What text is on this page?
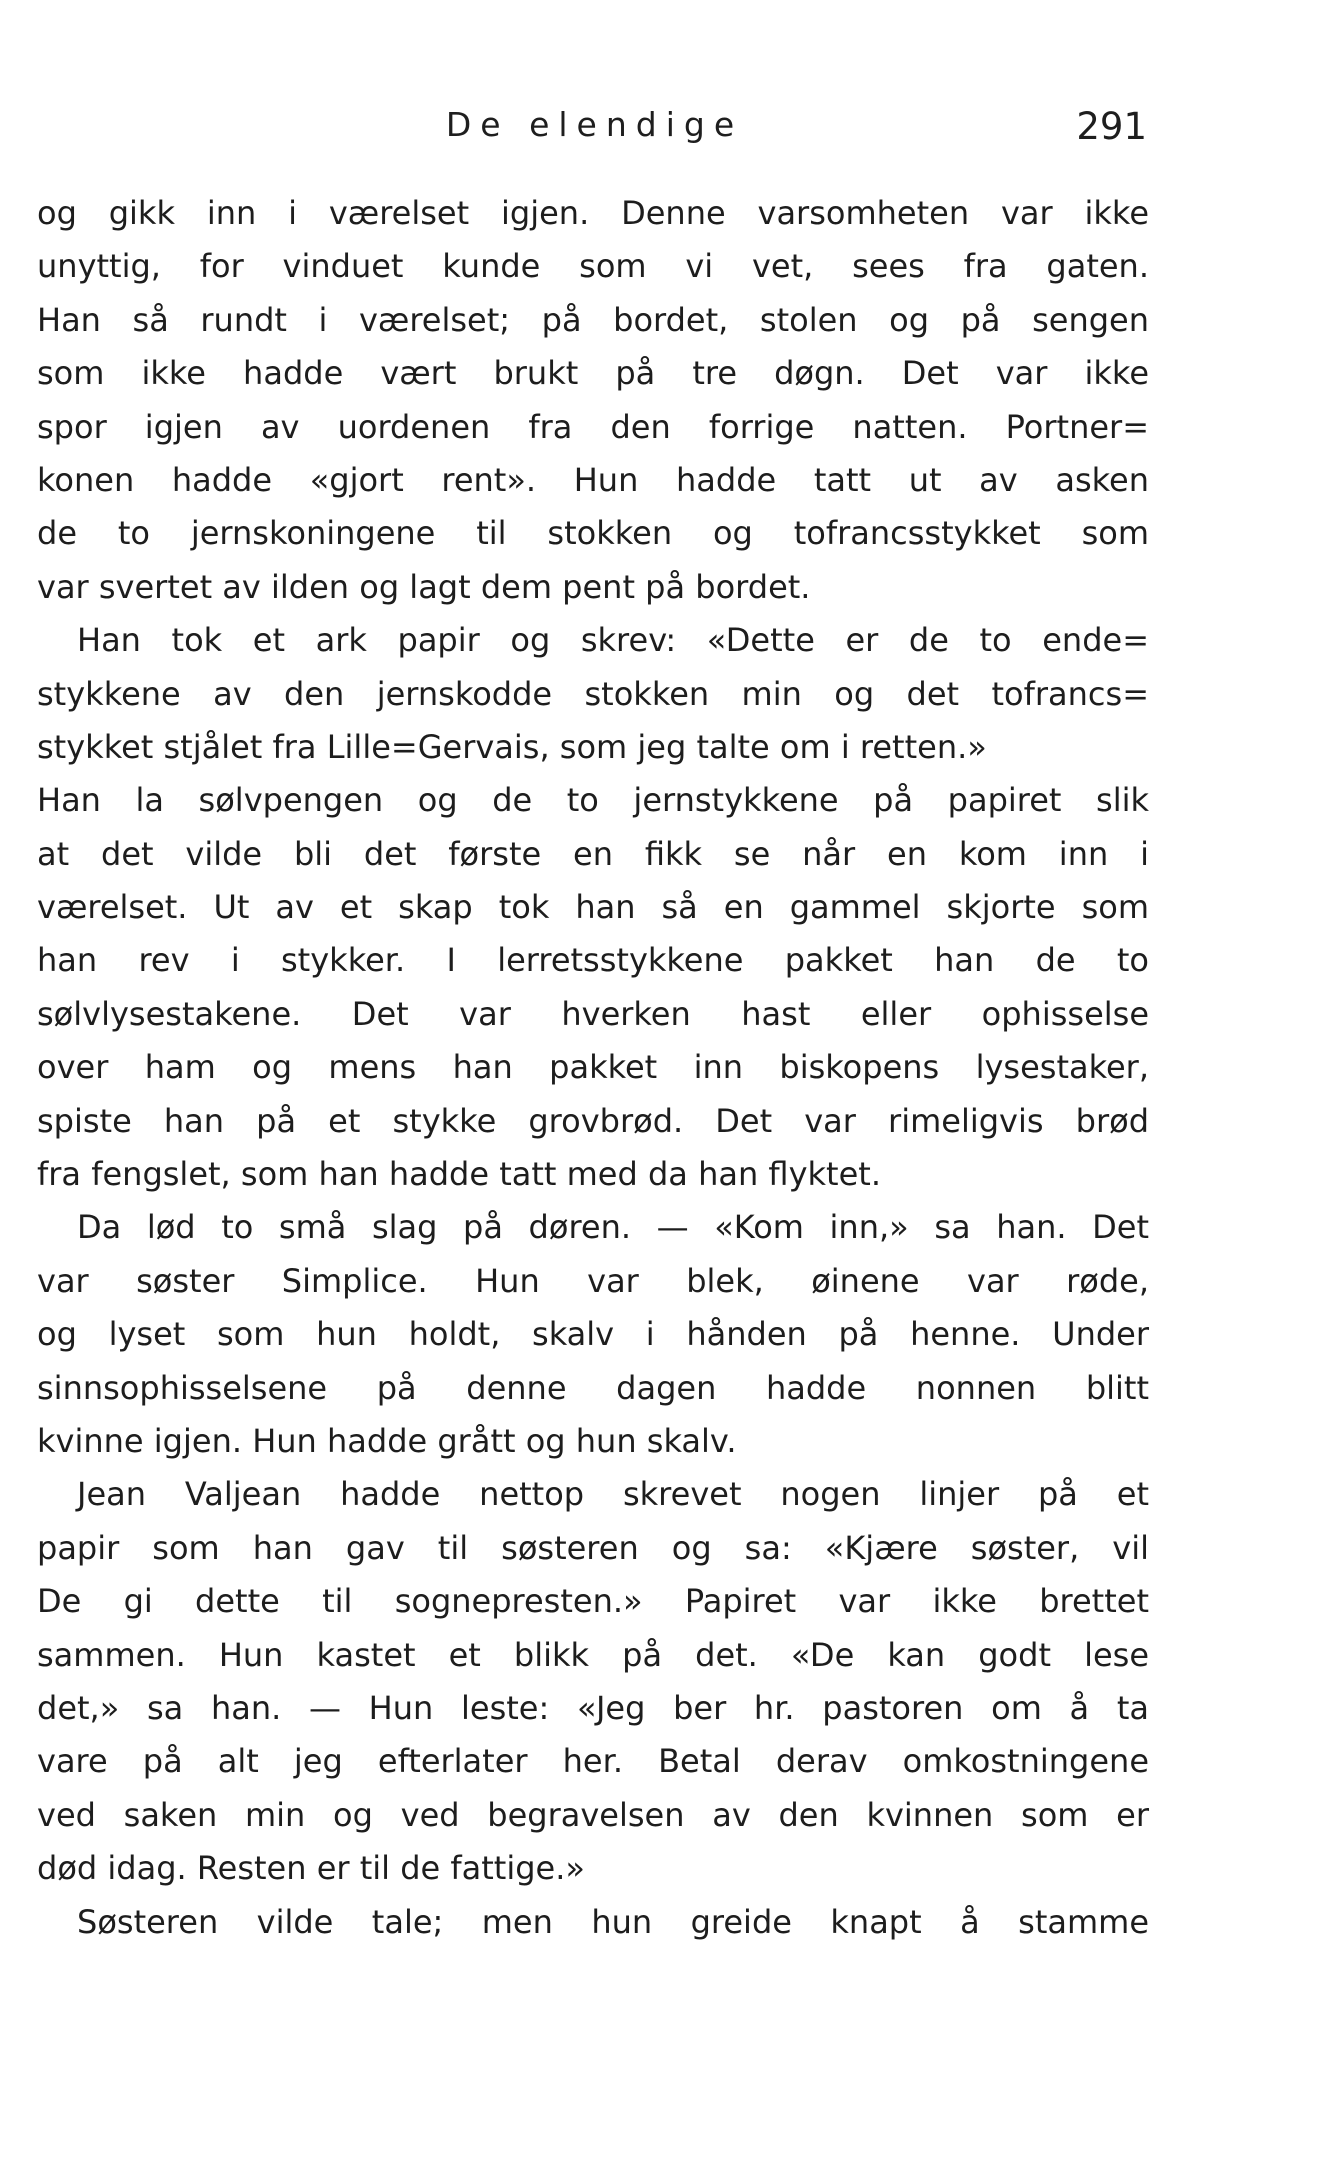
De elendige	291
og gikk inn i værelset igjen. Denne varsomheten var ikke
unyttig, for vinduet kunde som vi vet, sees fra gaten.
Han så rundt i værelset; på bordet, stolen og på sengen
som ikke hadde vært brukt på tre døgn. Det var ikke
spor igjen av uordenen fra den forrige natten. Portner=
konen hadde «gjort rent». Hun hadde tatt ut av asken
de to jernskoningene til stokken og tofrancsstykket som
var svertet av ilden og lagt dem pent på bordet.
Han tok et ark papir og skrev: «Dette er de to ende=
stykkene av den jernskodde stokken min og det tofrancs=
stykket stjålet fra Lille=Gervais, som jeg talte om i retten.»
Han la sølvpengen og de to jernstykkene på papiret slik
at det vilde bli det første en fikk se når en kom inn i
værelset. Ut av et skap tok han så en gammel skjorte som
han rev i stykker. I lerretsstykkene pakket han de to
sølvlysestakene. Det var hverken hast eller ophisselse
over ham og mens han pakket inn biskopens lysestaker,
spiste han på et stykke grovbrød. Det var rimeligvis brød
fra fengslet, som han hadde tatt med da han flyktet.
Da lød to små slag på døren. — «Kom inn,» sa han. Det
var søster Simplice. Hun var blek, øinene var røde,
og lyset som hun holdt, skalv i hånden på henne. Under
sinnsophisselsene på denne dagen hadde nonnen blitt
kvinne igjen. Hun hadde grått og hun skalv.
Jean Valjean hadde nettop skrevet nogen linjer på et
papir som han gav til søsteren og sa: «Kjære søster, vil
De gi dette til sognepresten.» Papiret var ikke brettet
sammen. Hun kastet et blikk på det. «De kan godt lese
det,» sa han. — Hun leste: «Jeg ber hr. pastoren om å ta
vare på alt jeg efterlater her. Betal derav omkostningene
ved saken min og ved begravelsen av den kvinnen som er
død idag. Resten er til de fattige.»
Søsteren vilde tale; men hun greide knapt å stamme
